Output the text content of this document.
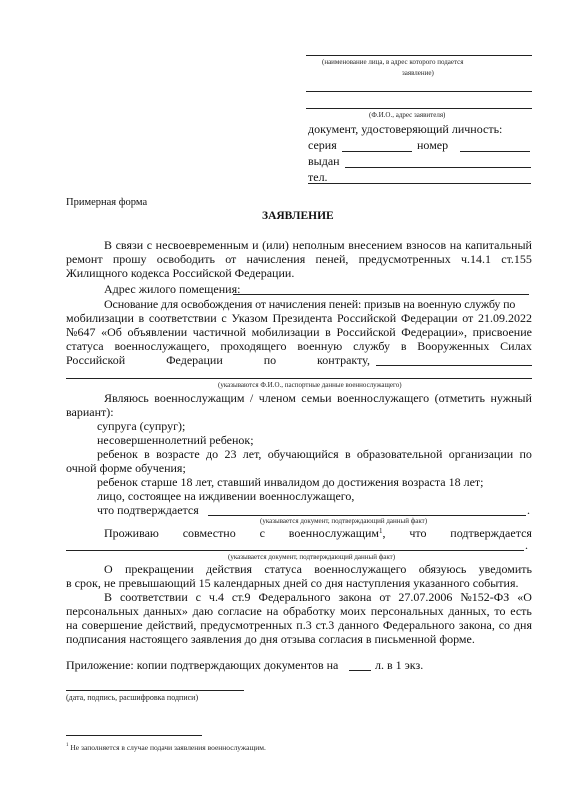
(наименование лица, в адрес которого подается
заявление)
(Ф.И.О., адрес заявителя)
документ, удостоверяющий личность:
серия	номер
выдан
тел.
Примерная форма
ЗАЯВЛЕНИЕ
В связи с несвоевременным и (или) неполным внесением взносов на капитальный
ремонт прошу освободить от начисления пеней, предусмотренных ч.14.1 ст.155
Жилищного кодекса Российской Федерации.
Адрес жилого помещения:
Основание для освобождения от начисления пеней: призыв на военную службу по
мобилизации в соответствии с Указом Президента Российской Федерации от 21.09.2022
№647 «Об объявлении частичной мобилизации в Российской Федерации», присвоение
статуса военнослужащего, проходящего военную службу в Вооруженных Силах
Российской	Федерации	по	контракту,
(указываются Ф.И.О., паспортные данные военнослужащего)
Являюсь военнослужащим / членом семьи военнослужащего (отметить нужный
вариант):
супруга (супруг);
несовершеннолетний ребенок;
ребенок в возрасте до 23 лет, обучающийся в образовательной организации по
очной форме обучения;
ребенок старше 18 лет, ставший инвалидом до достижения возраста 18 лет;
лицо, состоящее на иждивении военнослужащего,
что подтверждается	.
(указывается документ, подтверждающий данный факт)
Проживаю совместно с военнослужащим$^1$, что подтверждается
.
(указывается документ, подтверждающий данный факт)
О прекращении действия статуса военнослужащего обязуюсь уведомить
в срок, не превышающий 15 календарных дней со дня наступления указанного события.
В соответствии с ч.4 ст.9 Федерального закона от 27.07.2006 №152-ФЗ «О
персональных данных» даю согласие на обработку моих персональных данных, то есть
на совершение действий, предусмотренных п.3 ст.3 данного Федерального закона, со дня
подписания настоящего заявления до дня отзыва согласия в письменной форме.
Приложение: копии подтверждающих документов на	л. в 1 экз.
(дата, подпись, расшифровка подписи)
$^1$ Не заполняется в случае подачи заявления военнослужащим.
